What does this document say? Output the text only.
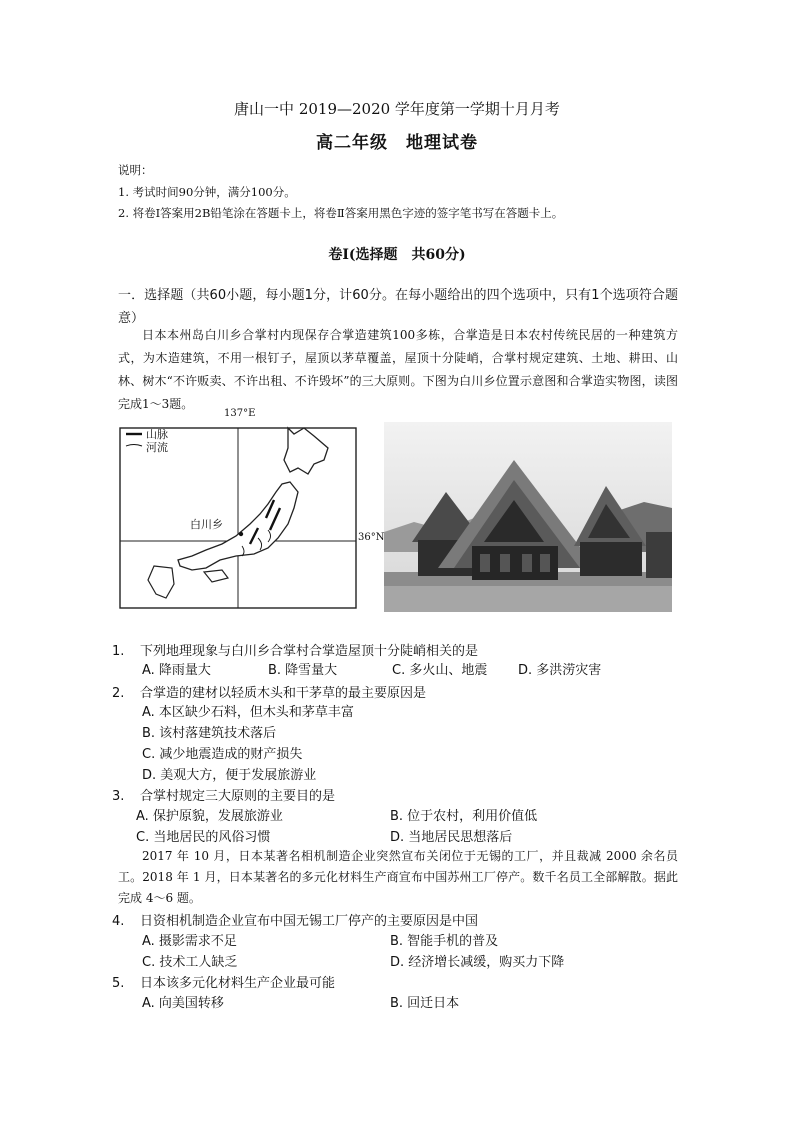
唐山一中 2019—2020 学年度第一学期十月月考
高二年级 地理试卷
说明：
1. 考试时间90分钟，满分100分。
2. 将卷Ⅰ答案用2B铅笔涂在答题卡上，将卷Ⅱ答案用黑色字迹的签字笔书写在答题卡上。
卷Ⅰ(选择题　共60分)
一．选择题（共60小题，每小题1分，计60分。在每小题给出的四个选项中，只有1个选项符合题意）
日本本州岛白川乡合掌村内现保存合掌造建筑100多栋，合掌造是日本农村传统民居的一种建筑方式，为木造建筑，不用一根钉子，屋顶以茅草覆盖，屋顶十分陡峭，合掌村规定建筑、土地、耕田、山林、树木“不许贩卖、不许出租、不许毁坏”的三大原则。下图为白川乡位置示意图和合掌造实物图，读图完成1～3题。
137°E
36°N
山脉
河流
白川乡
1. 下列地理现象与白川乡合掌村合掌造屋顶十分陡峭相关的是
A. 降雨量大	B. 降雪量大	C. 多火山、地震 D. 多洪涝灾害
2. 合掌造的建材以轻质木头和干茅草的最主要原因是
A. 本区缺少石料，但木头和茅草丰富
B. 该村落建筑技术落后
C. 减少地震造成的财产损失
D. 美观大方，便于发展旅游业
3. 合掌村规定三大原则的主要目的是
A. 保护原貌，发展旅游业	B. 位于农村，利用价值低
C. 当地居民的风俗习惯	D. 当地居民思想落后
2017 年 10 月，日本某著名相机制造企业突然宣布关闭位于无锡的工厂，并且裁减 2000 余名员工。2018 年 1 月，日本某著名的多元化材料生产商宣布中国苏州工厂停产。数千名员工全部解散。据此完成 4～6 题。
4. 日资相机制造企业宣布中国无锡工厂停产的主要原因是中国
A. 摄影需求不足	B. 智能手机的普及
C. 技术工人缺乏	D. 经济增长减缓，购买力下降
5. 日本该多元化材料生产企业最可能
A. 向美国转移	B. 回迁日本
